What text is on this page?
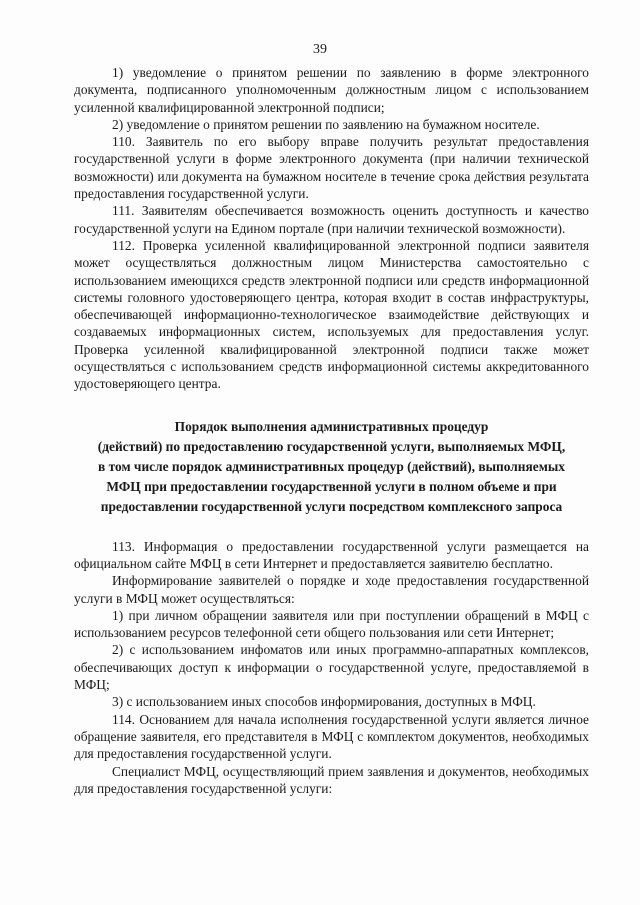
39

1) уведомление о принятом решении по заявлению в форме электронного документа, подписанного уполномоченным должностным лицом с использованием усиленной квалифицированной электронной подписи;

2) уведомление о принятом решении по заявлению на бумажном носителе.

110. Заявитель по его выбору вправе получить результат предоставления государственной услуги в форме электронного документа (при наличии технической возможности) или документа на бумажном носителе в течение срока действия результата предоставления государственной услуги.

111. Заявителям обеспечивается возможность оценить доступность и качество государственной услуги на Едином портале (при наличии технической возможности).

112. Проверка усиленной квалифицированной электронной подписи заявителя может осуществляться должностным лицом Министерства самостоятельно с использованием имеющихся средств электронной подписи или средств информационной системы головного удостоверяющего центра, которая входит в состав инфраструктуры, обеспечивающей информационно-технологическое взаимодействие действующих и создаваемых информационных систем, используемых для предоставления услуг. Проверка усиленной квалифицированной электронной подписи также может осуществляться с использованием средств информационной системы аккредитованного удостоверяющего центра.

Порядок выполнения административных процедур
(действий) по предоставлению государственной услуги, выполняемых МФЦ,
в том числе порядок административных процедур (действий), выполняемых
МФЦ при предоставлении государственной услуги в полном объеме и при
предоставлении государственной услуги посредством комплексного запроса

113. Информация о предоставлении государственной услуги размещается на официальном сайте МФЦ в сети Интернет и предоставляется заявителю бесплатно.

Информирование заявителей о порядке и ходе предоставления государственной услуги в МФЦ может осуществляться:

1) при личном обращении заявителя или при поступлении обращений в МФЦ с использованием ресурсов телефонной сети общего пользования или сети Интернет;

2) с использованием инфоматов или иных программно-аппаратных комплексов, обеспечивающих доступ к информации о государственной услуге, предоставляемой в МФЦ;

3) с использованием иных способов информирования, доступных в МФЦ.

114. Основанием для начала исполнения государственной услуги является личное обращение заявителя, его представителя в МФЦ с комплектом документов, необходимых для предоставления государственной услуги.

Специалист МФЦ, осуществляющий прием заявления и документов, необходимых для предоставления государственной услуги:
